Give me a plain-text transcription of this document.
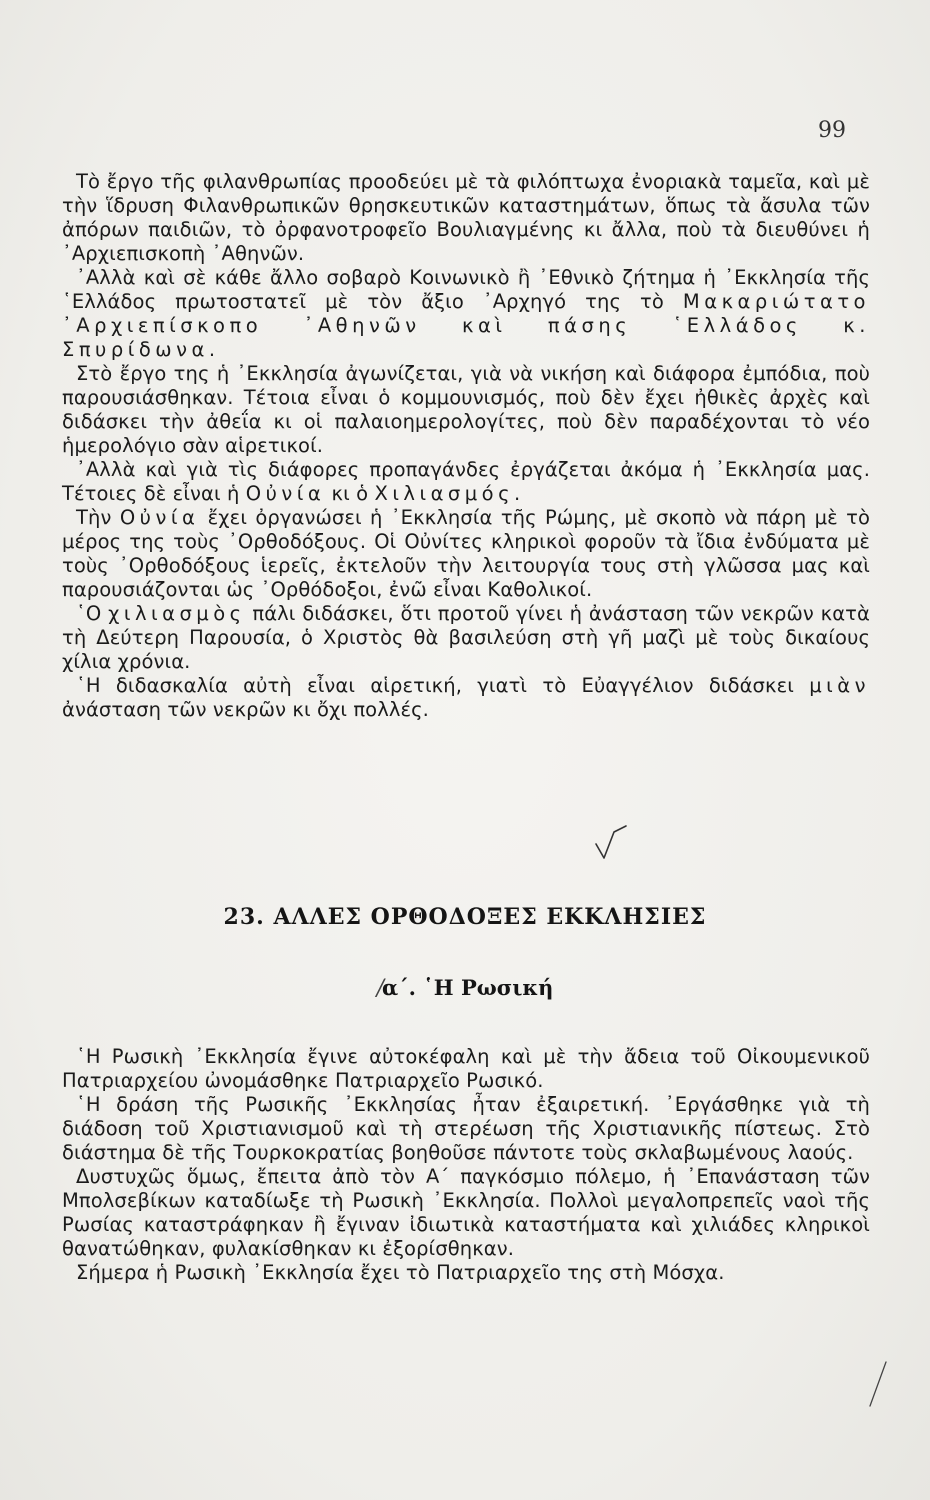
99

Τὸ ἔργο τῆς φιλανθρωπίας προοδεύει μὲ τὰ φιλόπτωχα ἐνοριακὰ ταμεῖα, καὶ μὲ τὴν ἵδρυση Φιλανθρωπικῶν θρησκευτικῶν καταστημάτων, ὅπως τὰ ἄσυλα τῶν ἀπόρων παιδιῶν, τὸ ὀρφανοτροφεῖο Βουλιαγμένης κι ἄλλα, ποὺ τὰ διευθύνει ἡ ᾿Αρχιεπισκοπὴ ᾿Αθηνῶν.

᾿Αλλὰ καὶ σὲ κάθε ἄλλο σοβαρὸ Κοινωνικὸ ἢ ᾿Εθνικὸ ζήτημα ἡ ᾿Εκκλησία τῆς ῾Ελλάδος πρωτοστατεῖ μὲ τὸν ἄξιο ᾿Αρχηγό της τὸ Μακαριώτατο ᾿Αρχιεπίσκοπο ᾿Αθηνῶν καὶ πάσης ῾Ελλάδος κ. Σπυρίδωνα.

Στὸ ἔργο της ἡ ᾿Εκκλησία ἀγωνίζεται, γιὰ νὰ νικήση καὶ διάφορα ἐμπόδια, ποὺ παρουσιάσθηκαν. Τέτοια εἶναι ὁ κομμουνισμός, ποὺ δὲν ἔχει ἠθικὲς ἀρχὲς καὶ διδάσκει τὴν ἀθεΐα κι οἱ παλαιοημερολογίτες, ποὺ δὲν παραδέχονται τὸ νέο ἡμερολόγιο σὰν αἱρετικοί.

᾿Αλλὰ καὶ γιὰ τὶς διάφορες προπαγάνδες ἐργάζεται ἀκόμα ἡ ᾿Εκκλησία μας. Τέτοιες δὲ εἶναι ἡ Οὐνία κι ὁ Χιλιασμός.

Τὴν Οὐνία ἔχει ὀργανώσει ἡ ᾿Εκκλησία τῆς Ρώμης, μὲ σκοπὸ νὰ πάρη μὲ τὸ μέρος της τοὺς ᾿Ορθοδόξους. Οἱ Οὐνίτες κληρικοὶ φοροῦν τὰ ἴδια ἐνδύματα μὲ τοὺς ᾿Ορθοδόξους ἱερεῖς, ἐκτελοῦν τὴν λειτουργία τους στὴ γλῶσσα μας καὶ παρουσιάζονται ὡς ᾿Ορθόδοξοι, ἐνῶ εἶναι Καθολικοί.

῾Ο χιλιασμὸς πάλι διδάσκει, ὅτι προτοῦ γίνει ἡ ἀνάσταση τῶν νεκρῶν κατὰ τὴ Δεύτερη Παρουσία, ὁ Χριστὸς θὰ βασιλεύση στὴ γῆ μαζὶ μὲ τοὺς δικαίους χίλια χρόνια.

῾Η διδασκαλία αὐτὴ εἶναι αἱρετική, γιατὶ τὸ Εὐαγγέλιον διδάσκει μιὰν ἀνάσταση τῶν νεκρῶν κι ὄχι πολλές.

23. ΑΛΛΕΣ ΟΡΘΟΔΟΞΕΣ ΕΚΚΛΗΣΙΕΣ
/α΄. ῾Η Ρωσική

῾Η Ρωσικὴ ᾿Εκκλησία ἔγινε αὐτοκέφαλη καὶ μὲ τὴν ἄδεια τοῦ Οἰκουμενικοῦ Πατριαρχείου ὠνομάσθηκε Πατριαρχεῖο Ρωσικό.

῾Η δράση τῆς Ρωσικῆς ᾿Εκκλησίας ἦταν ἐξαιρετική. ᾿Εργάσθηκε γιὰ τὴ διάδοση τοῦ Χριστιανισμοῦ καὶ τὴ στερέωση τῆς Χριστιανικῆς πίστεως. Στὸ διάστημα δὲ τῆς Τουρκοκρατίας βοηθοῦσε πάντοτε τοὺς σκλαβωμένους λαούς.

Δυστυχῶς ὅμως, ἔπειτα ἀπὸ τὸν Α΄ παγκόσμιο πόλεμο, ἡ ᾿Επανάσταση τῶν Μπολσεβίκων καταδίωξε τὴ Ρωσικὴ ᾿Εκκλησία. Πολλοὶ μεγαλοπρεπεῖς ναοὶ τῆς Ρωσίας καταστράφηκαν ἢ ἔγιναν ἰδιωτικὰ καταστήματα καὶ χιλιάδες κληρικοὶ θανατώθηκαν, φυλακίσθηκαν κι ἐξορίσθηκαν.

Σήμερα ἡ Ρωσικὴ ᾿Εκκλησία ἔχει τὸ Πατριαρχεῖο της στὴ Μόσχα.
